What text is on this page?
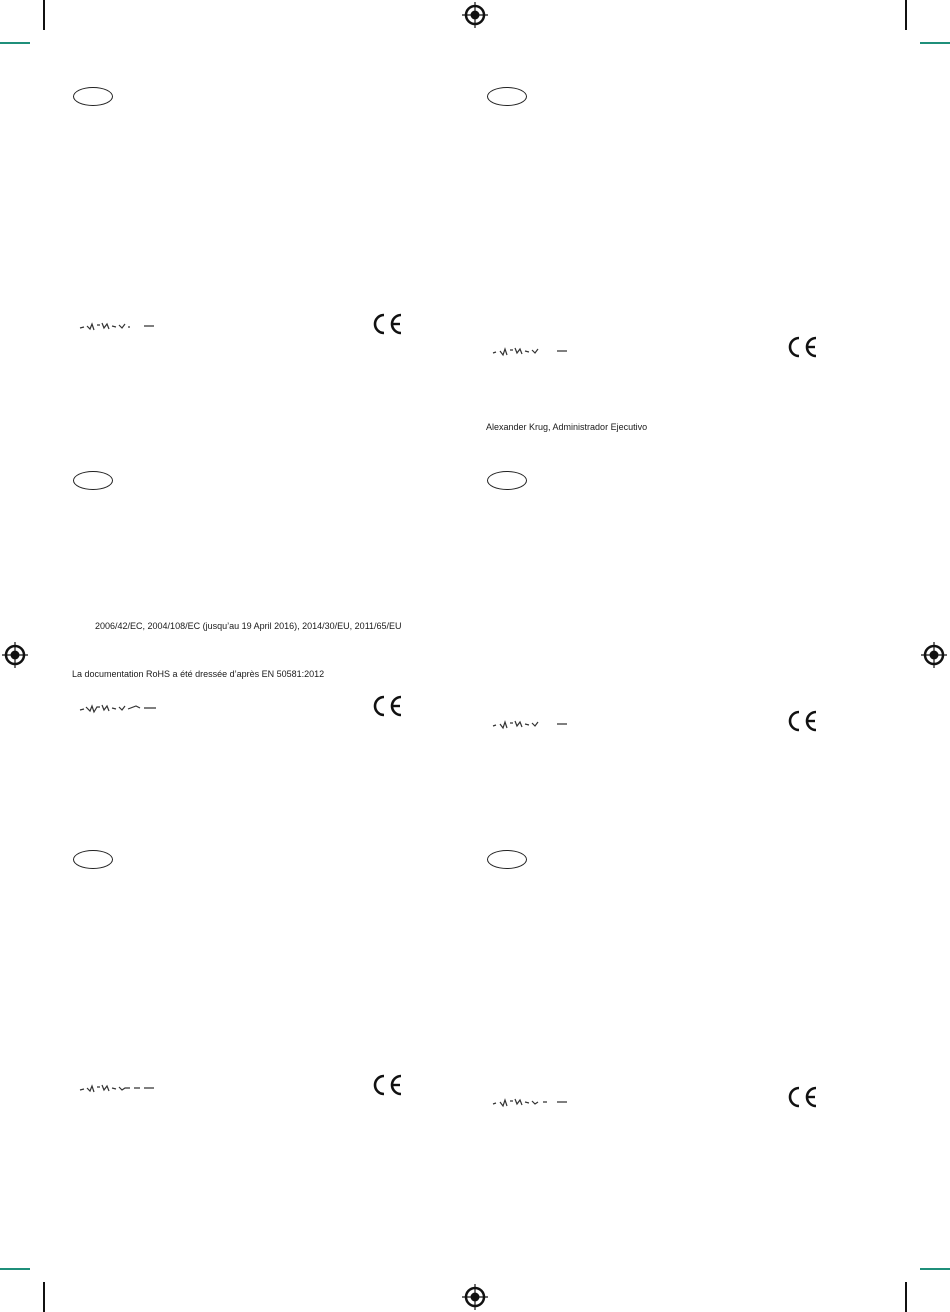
Alexander Krug, Administrador Ejecutivo
2006/42/EC, 2004/108/EC (jusqu’au 19 April 2016), 2014/30/EU, 2011/65/EU
La documentation RoHS a été dressée d’après EN 50581:2012
